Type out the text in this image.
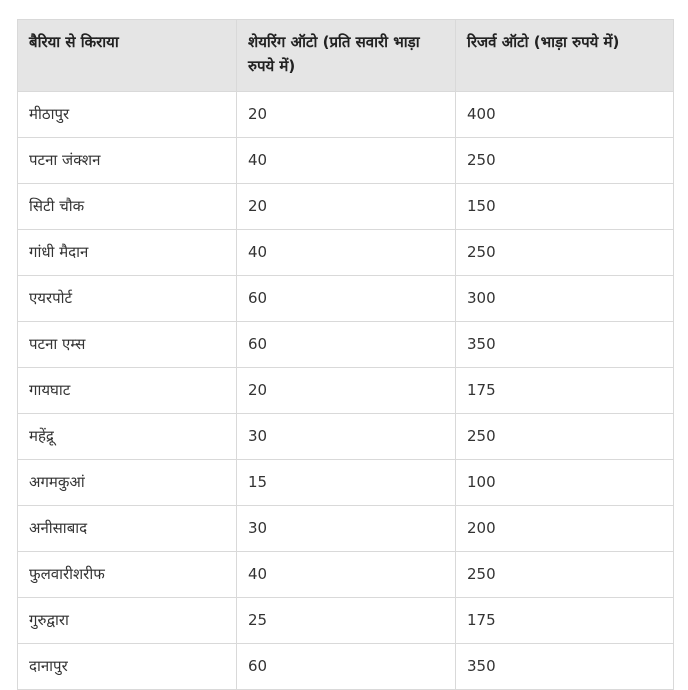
बैरिया से किराया	शेयरिंग ऑटो (प्रति सवारी भाड़ा रुपये में)	रिजर्व ऑटो (भाड़ा रुपये में)
मीठापुर	20	400
पटना जंक्शन	40	250
सिटी चौक	20	150
गांधी मैदान	40	250
एयरपोर्ट	60	300
पटना एम्स	60	350
गायघाट	20	175
महेंद्रू	30	250
अगमकुआं	15	100
अनीसाबाद	30	200
फुलवारीशरीफ	40	250
गुरुद्वारा	25	175
दानापुर	60	350
